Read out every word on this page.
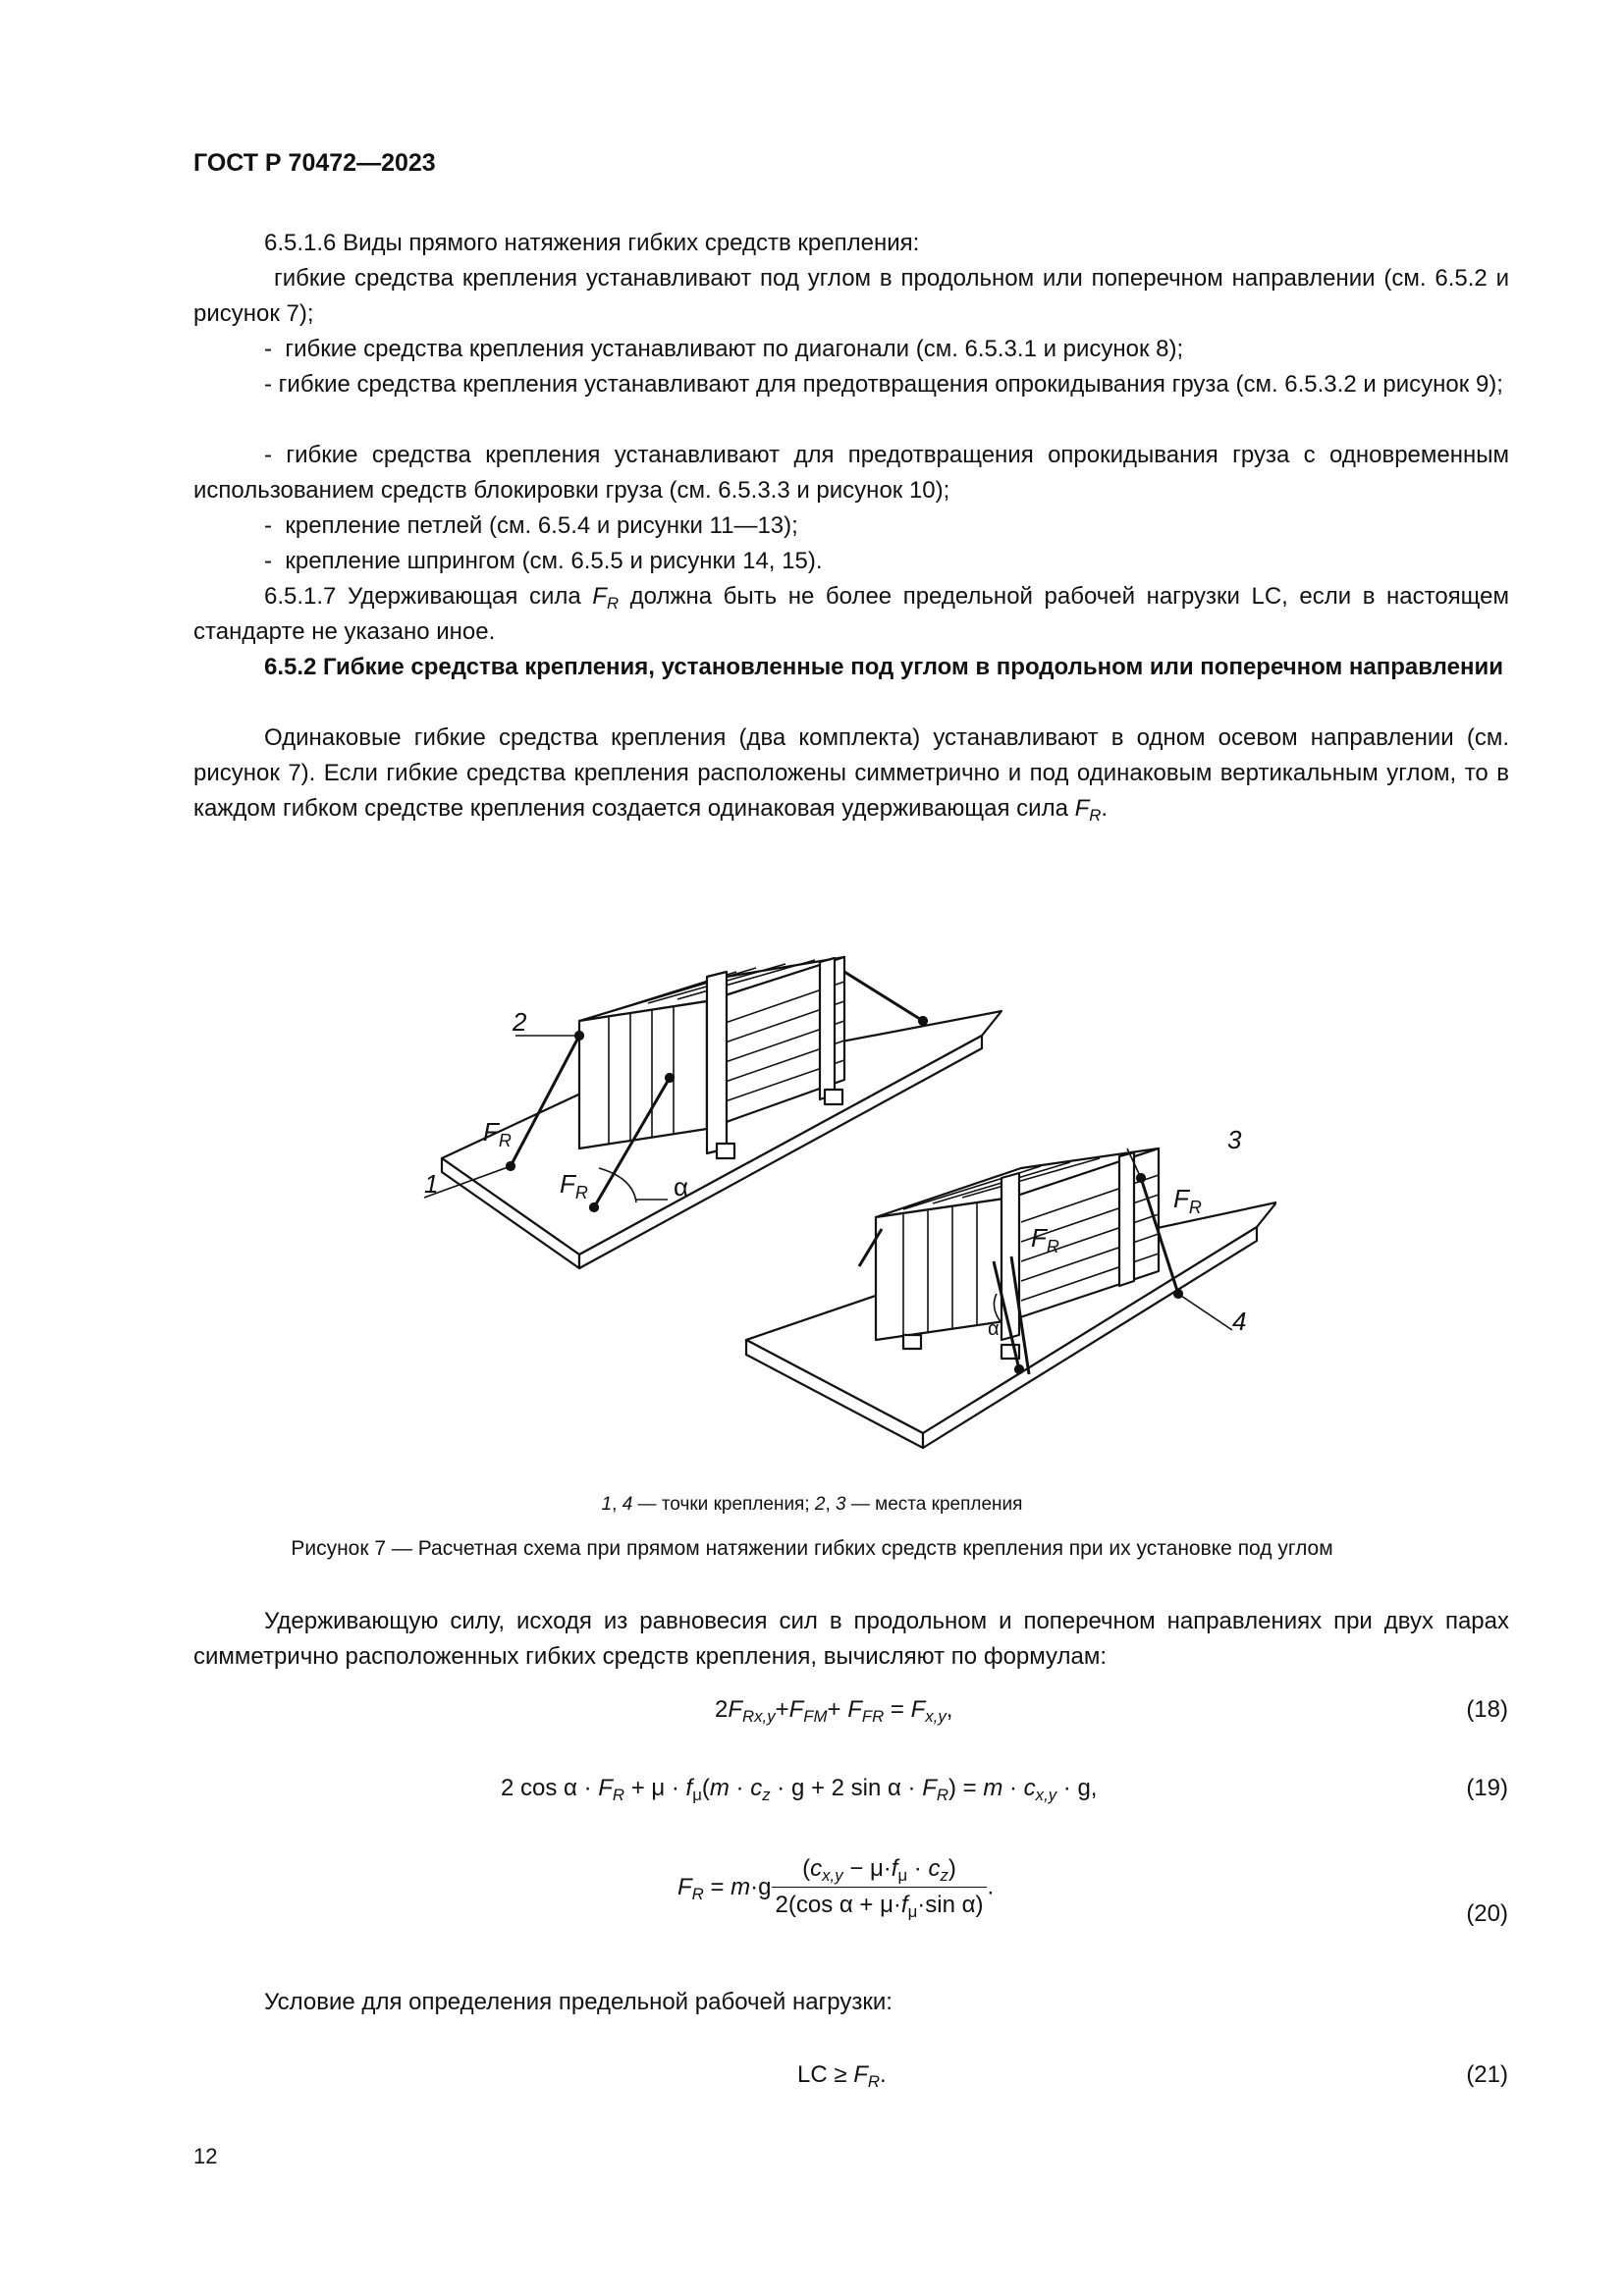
ГОСТ Р 70472—2023
6.5.1.6 Виды прямого натяжения гибких средств крепления:
гибкие средства крепления устанавливают под углом в продольном или поперечном направлении (см. 6.5.2 и рисунок 7);
- гибкие средства крепления устанавливают по диагонали (см. 6.5.3.1 и рисунок 8);
- гибкие средства крепления устанавливают для предотвращения опрокидывания груза (см. 6.5.3.2 и рисунок 9);
- гибкие средства крепления устанавливают для предотвращения опрокидывания груза с одновременным использованием средств блокировки груза (см. 6.5.3.3 и рисунок 10);
- крепление петлей (см. 6.5.4 и рисунки 11—13);
- крепление шпрингом (см. 6.5.5 и рисунки 14, 15).
6.5.1.7 Удерживающая сила $F_R$ должна быть не более предельной рабочей нагрузки LC, если в настоящем стандарте не указано иное.
6.5.2 Гибкие средства крепления, установленные под углом в продольном или поперечном направлении
Одинаковые гибкие средства крепления (два комплекта) устанавливают в одном осевом направлении (см. рисунок 7). Если гибкие средства крепления расположены симметрично и под одинаковым вертикальным углом, то в каждом гибком средстве крепления создается одинаковая удерживающая сила $F_R$.
1
2
3
4
$F_R$
$F_R$
$F_R$
$F_R$
α
α
1, 4 — точки крепления; 2, 3 — места крепления
Рисунок 7 — Расчетная схема при прямом натяжении гибких средств крепления при их установке под углом
Удерживающую силу, исходя из равновесия сил в продольном и поперечном направлениях при двух парах симметрично расположенных гибких средств крепления, вычисляют по формулам:
$2F_{Rx,y}+F_{FM}+ F_{FR} = F_{x,y}$,	(18)
2 $\cos \alpha \cdot F_R + \mu \cdot f_\mu(m \cdot c_z \cdot g + 2$ $\sin \alpha \cdot F_R) = m \cdot c_{x,y} \cdot g$,	(19)
$F_R = m\cdot g \frac{(c_{x,y} - \mu\cdot f_\mu \cdot c_z)}{2(\cos \alpha + \mu\cdot f_\mu\cdot\sin \alpha)}$ .
(20)
Условие для определения предельной рабочей нагрузки:
LC ≥ $F_R$.	(21)
12
